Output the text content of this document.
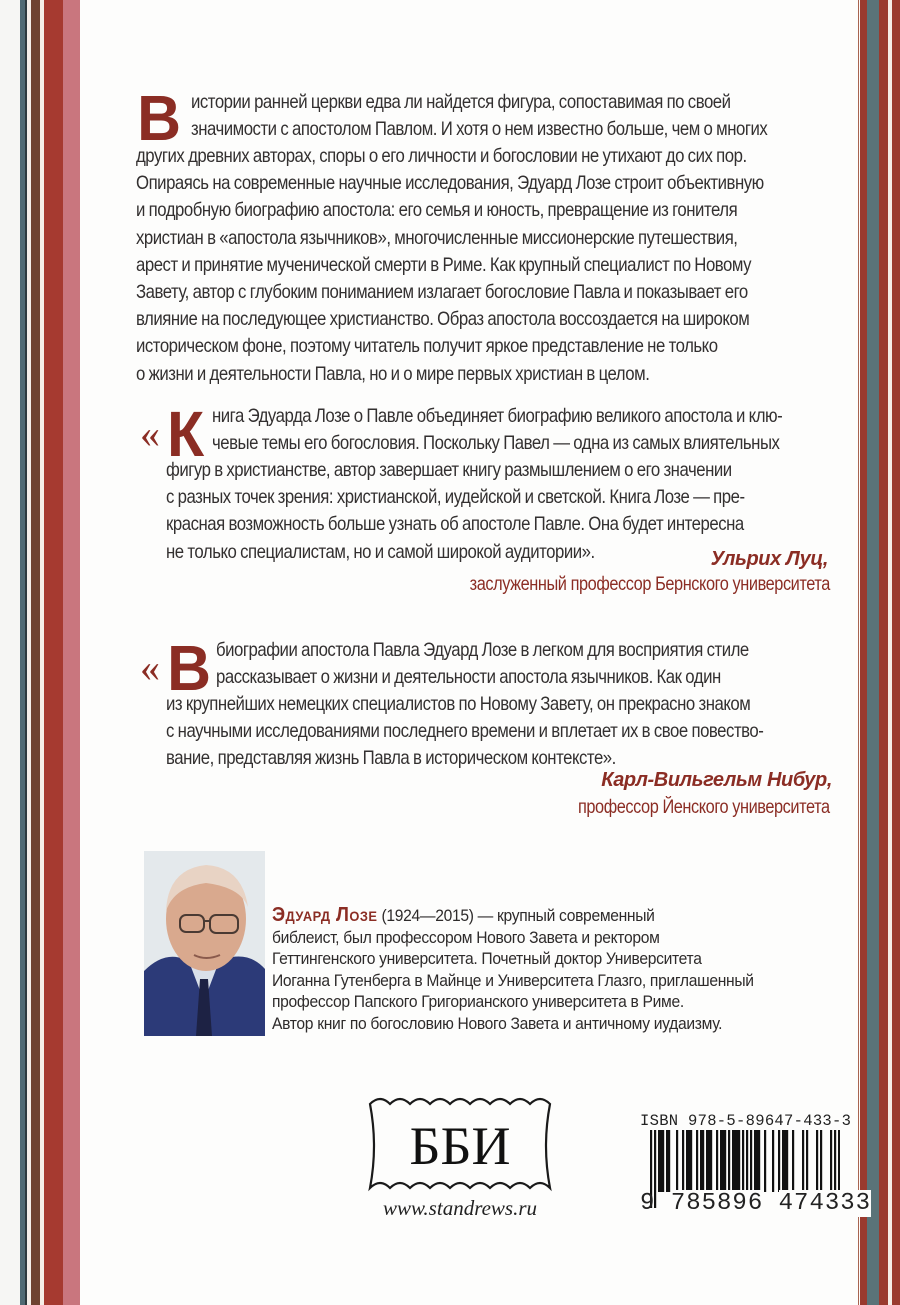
В истории ранней церкви едва ли найдется фигура, сопоставимая по своей
значимости с апостолом Павлом. И хотя о нем известно больше, чем о многих
других древних авторах, споры о его личности и богословии не утихают до сих пор.
Опираясь на современные научные исследования, Эдуард Лозе строит объективную
и подробную биографию апостола: его семья и юность, превращение из гонителя
христиан в «апостола язычников», многочисленные миссионерские путешествия,
арест и принятие мученической смерти в Риме. Как крупный специалист по Новому
Завету, автор с глубоким пониманием излагает богословие Павла и показывает его
влияние на последующее христианство. Образ апостола воссоздается на широком
историческом фоне, поэтому читатель получит яркое представление не только
о жизни и деятельности Павла, но и о мире первых христиан в целом.
« К нига Эдуарда Лозе о Павле объединяет биографию великого апостола и клю-
чевые темы его богословия. Поскольку Павел — одна из самых влиятельных
фигур в христианстве, автор завершает книгу размышлением о его значении
с разных точек зрения: христианской, иудейской и светской. Книга Лозе — пре-
красная возможность больше узнать об апостоле Павле. Она будет интересна
не только специалистам, но и самой широкой аудитории».	Ульрих Луц,
заслуженный профессор Бернского университета
« В биографии апостола Павла Эдуард Лозе в легком для восприятия стиле
рассказывает о жизни и деятельности апостола язычников. Как один
из крупнейших немецких специалистов по Новому Завету, он прекрасно знаком
с научными исследованиями последнего времени и вплетает их в свое повество-
вание, представляя жизнь Павла в историческом контексте».
Карл-Вильгельм Нибур,
профессор Йенского университета
Эдуард Лозе (1924—2015) — крупный современный
библеист, был профессором Нового Завета и ректором
Геттингенского университета. Почетный доктор Университета
Иоганна Гутенберга в Майнце и Университета Глазго, приглашенный
профессор Папского Григорианского университета в Риме.
Автор книг по богословию Нового Завета и античному иудаизму.
ББИ
www.standrews.ru
ISBN 978-5-89647-433-3
9 785896 474333
